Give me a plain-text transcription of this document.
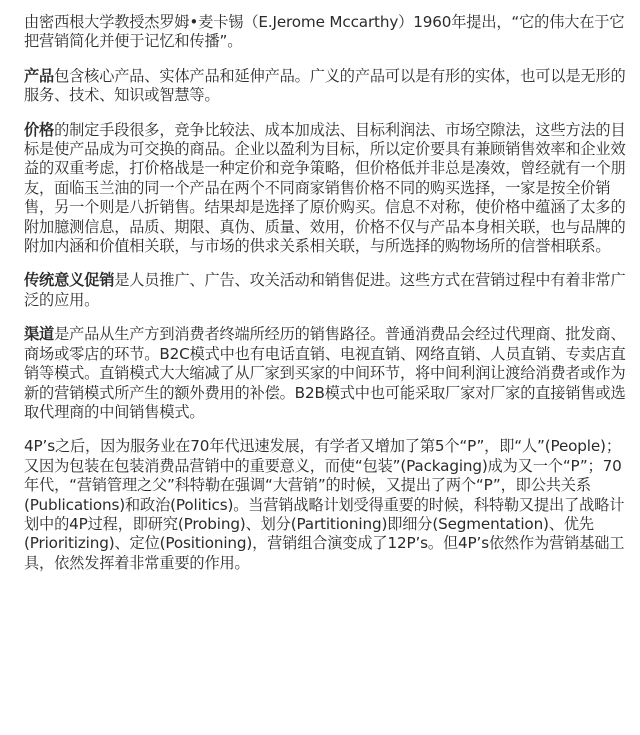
由密西根大学教授杰罗姆•麦卡锡（E.Jerome Mccarthy）1960年提出，“它的伟大在于它把营销简化并便于记忆和传播”。

产品包含核心产品、实体产品和延伸产品。广义的产品可以是有形的实体，也可以是无形的服务、技术、知识或智慧等。

价格的制定手段很多，竞争比较法、成本加成法、目标利润法、市场空隙法，这些方法的目标是使产品成为可交换的商品。企业以盈利为目标，所以定价要具有兼顾销售效率和企业效益的双重考虑，打价格战是一种定价和竞争策略，但价格低并非总是凑效，曾经就有一个朋友，面临玉兰油的同一个产品在两个不同商家销售价格不同的购买选择，一家是按全价销售，另一个则是八折销售。结果却是选择了原价购买。信息不对称，使价格中蕴涵了太多的附加臆测信息，品质、期限、真伪、质量、效用，价格不仅与产品本身相关联，也与品牌的附加内涵和价值相关联，与市场的供求关系相关联，与所选择的购物场所的信誉相联系。

传统意义促销是人员推广、广告、攻关活动和销售促进。这些方式在营销过程中有着非常广泛的应用。

渠道是产品从生产方到消费者终端所经历的销售路径。普通消费品会经过代理商、批发商、商场或零店的环节。B2C模式中也有电话直销、电视直销、网络直销、人员直销、专卖店直销等模式。直销模式大大缩减了从厂家到买家的中间环节，将中间利润让渡给消费者或作为新的营销模式所产生的额外费用的补偿。B2B模式中也可能采取厂家对厂家的直接销售或选取代理商的中间销售模式。

4P’s之后，因为服务业在70年代迅速发展，有学者又增加了第5个“P”，即“人”(People)；又因为包装在包装消费品营销中的重要意义，而使“包装”(Packaging)成为又一个“P”；70年代，“营销管理之父”科特勒在强调“大营销”的时候，又提出了两个“P”，即公共关系(Publications)和政治(Politics)。当营销战略计划受得重要的时候，科特勒又提出了战略计划中的4P过程，即研究(Probing)、划分(Partitioning)即细分(Segmentation)、优先(Prioritizing)、定位(Positioning)，营销组合演变成了12P’s。但4P’s依然作为营销基础工具，依然发挥着非常重要的作用。
